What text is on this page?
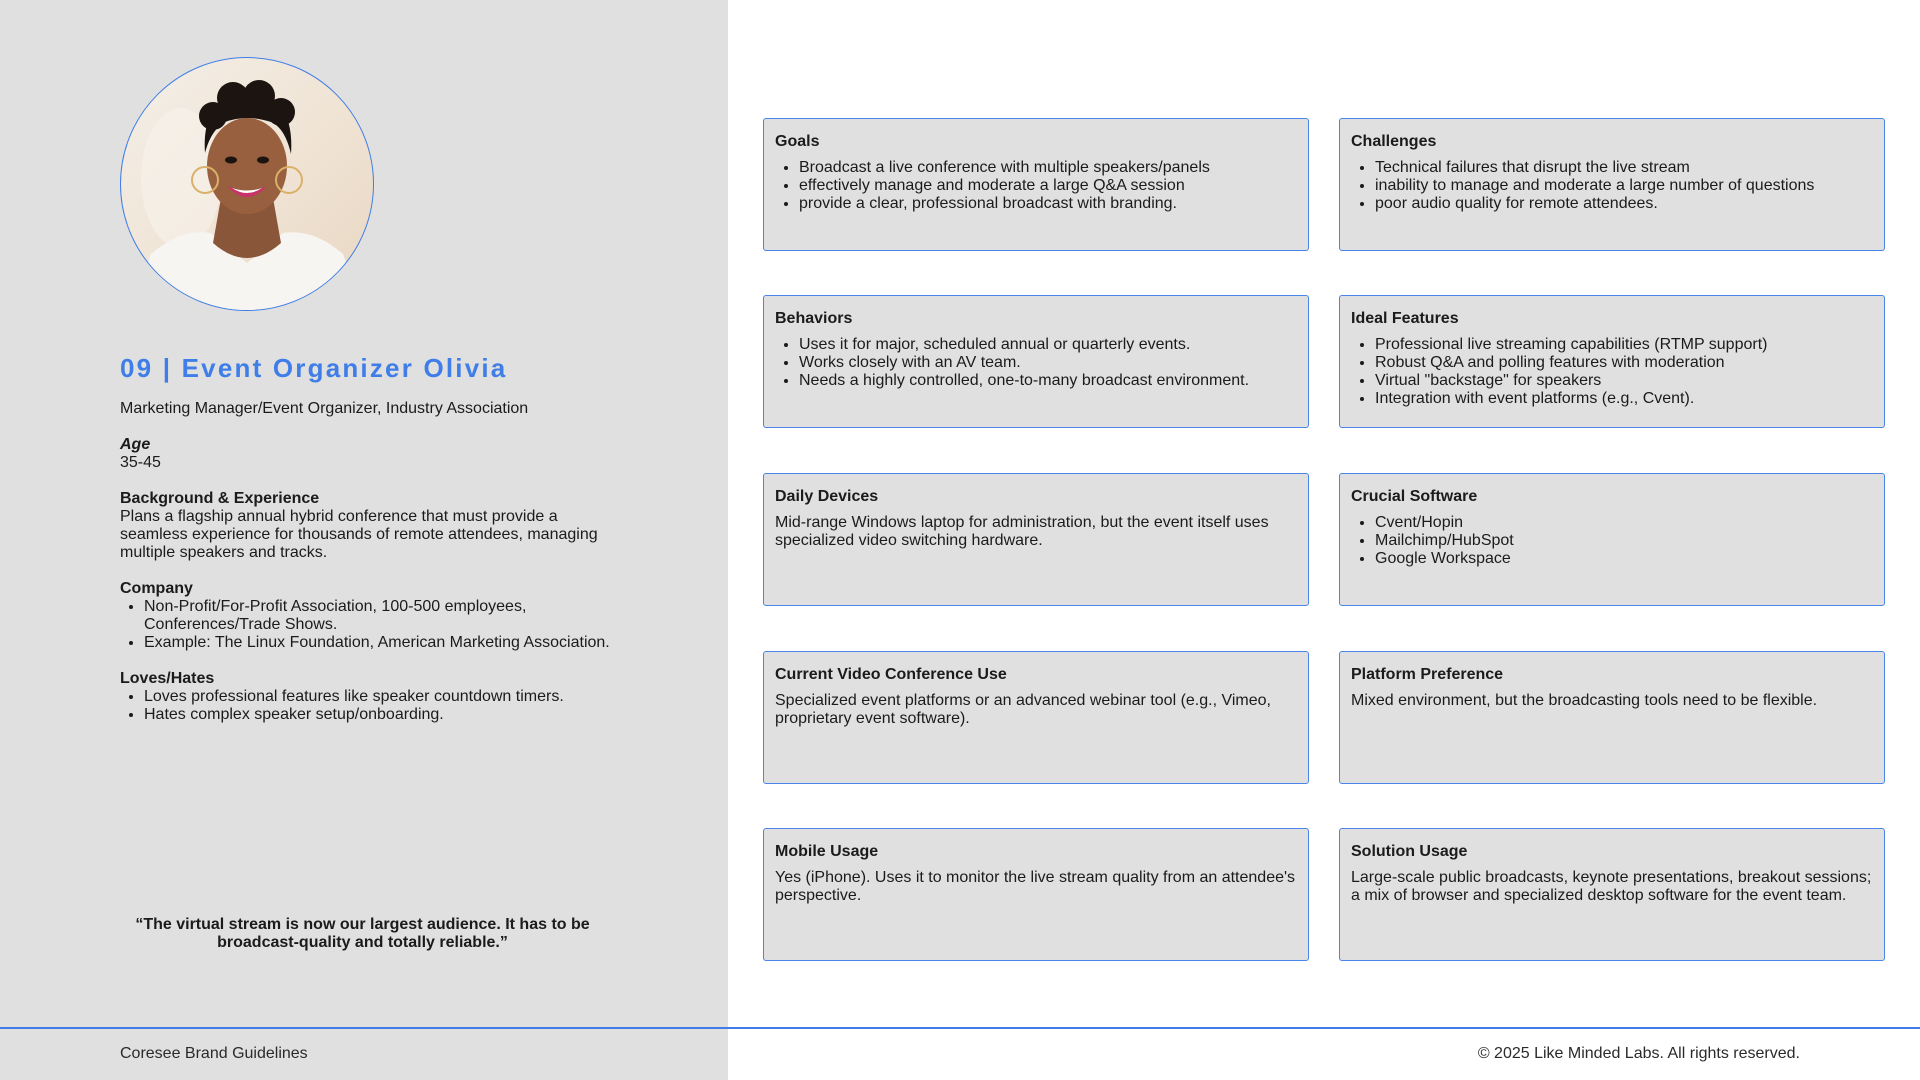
09 | Event Organizer Olivia

Marketing Manager/Event Organizer, Industry Association

Age

35-45

Background & Experience

Plans a flagship annual hybrid conference that must provide a seamless experience for thousands of remote attendees, managing multiple speakers and tracks.

Company

• Non-Profit/For-Profit Association, 100-500 employees, Conferences/Trade Shows.
• Example: The Linux Foundation, American Marketing Association.

Loves/Hates

• Loves professional features like speaker countdown timers.
• Hates complex speaker setup/onboarding.

“The virtual stream is now our largest audience. It has to be broadcast-quality and totally reliable.”

Goals
• Broadcast a live conference with multiple speakers/panels
• effectively manage and moderate a large Q&A session
• provide a clear, professional broadcast with branding.
Challenges
• Technical failures that disrupt the live stream
• inability to manage and moderate a large number of questions
• poor audio quality for remote attendees.
Behaviors
• Uses it for major, scheduled annual or quarterly events.
• Works closely with an AV team.
• Needs a highly controlled, one-to-many broadcast environment.
Ideal Features
• Professional live streaming capabilities (RTMP support)
• Robust Q&A and polling features with moderation
• Virtual "backstage" for speakers
• Integration with event platforms (e.g., Cvent).
Daily Devices

Mid-range Windows laptop for administration, but the event itself uses specialized video switching hardware.

Crucial Software
• Cvent/Hopin
• Mailchimp/HubSpot
• Google Workspace
Current Video Conference Use

Specialized event platforms or an advanced webinar tool (e.g., Vimeo, proprietary event software).

Platform Preference

Mixed environment, but the broadcasting tools need to be flexible.

Mobile Usage

Yes (iPhone). Uses it to monitor the live stream quality from an attendee's perspective.

Solution Usage

Large-scale public broadcasts, keynote presentations, breakout sessions; a mix of browser and specialized desktop software for the event team.

Coresee Brand Guidelines	© 2025 Like Minded Labs. All rights reserved.
